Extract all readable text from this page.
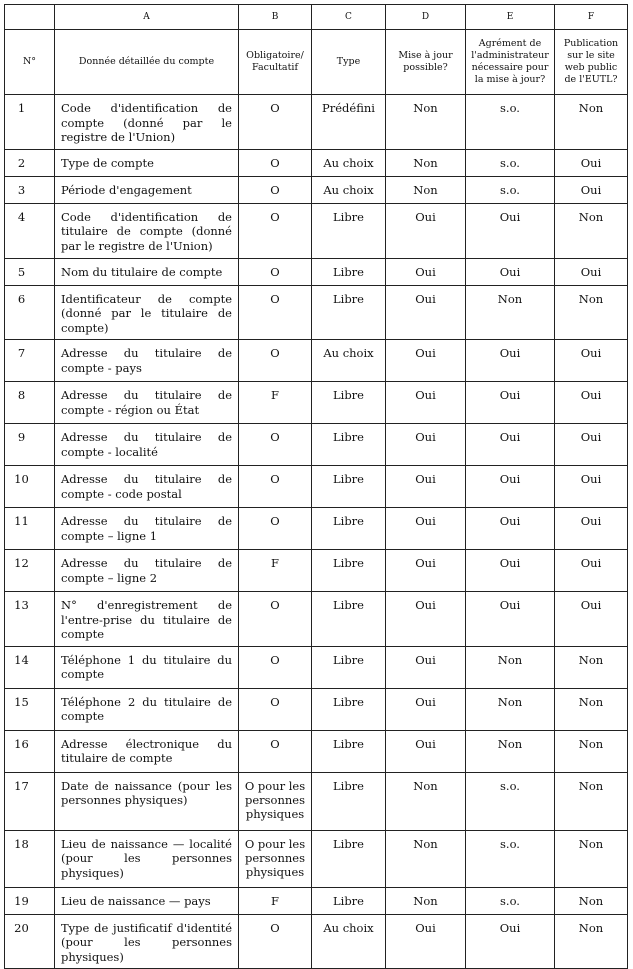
	A	B	C	D	E	F
N°	Donnée détaillée du compte	Obligatoire/ Facultatif	Type	Mise à jour possible?	Agrément de l'administrateur nécessaire pour la mise à jour?	Publication sur le site web public de l'EUTL?
1	Code d'identification de compte (donné par le registre de l'Union)	O	Prédéfini	Non	s.o.	Non
2	Type de compte	O	Au choix	Non	s.o.	Oui
3	Période d'engagement	O	Au choix	Non	s.o.	Oui
4	Code d'identification de titulaire de compte (donné par le registre de l'Union)	O	Libre	Oui	Oui	Non
5	Nom du titulaire de compte	O	Libre	Oui	Oui	Oui
6	Identificateur de compte (donné par le titulaire de compte)	O	Libre	Oui	Non	Non
7	Adresse du titulaire de compte - pays	O	Au choix	Oui	Oui	Oui
8	Adresse du titulaire de compte - région ou État	F	Libre	Oui	Oui	Oui
9	Adresse du titulaire de compte - localité	O	Libre	Oui	Oui	Oui
10	Adresse du titulaire de compte - code postal	O	Libre	Oui	Oui	Oui
11	Adresse du titulaire de compte – ligne 1	O	Libre	Oui	Oui	Oui
12	Adresse du titulaire de compte – ligne 2	F	Libre	Oui	Oui	Oui
13	N° d'enregistrement de l'entre-prise du titulaire de compte	O	Libre	Oui	Oui	Oui
14	Téléphone 1 du titulaire du compte	O	Libre	Oui	Non	Non
15	Téléphone 2 du titulaire de compte	O	Libre	Oui	Non	Non
16	Adresse électronique du titulaire de compte	O	Libre	Oui	Non	Non
17	Date de naissance (pour les personnes physiques)	O pour les personnes physiques	Libre	Non	s.o.	Non
18	Lieu de naissance — localité (pour les personnes physiques)	O pour les personnes physiques	Libre	Non	s.o.	Non
19	Lieu de naissance — pays	F	Libre	Non	s.o.	Non
20	Type de justificatif d'identité (pour les personnes physiques)	O	Au choix	Oui	Oui	Non
